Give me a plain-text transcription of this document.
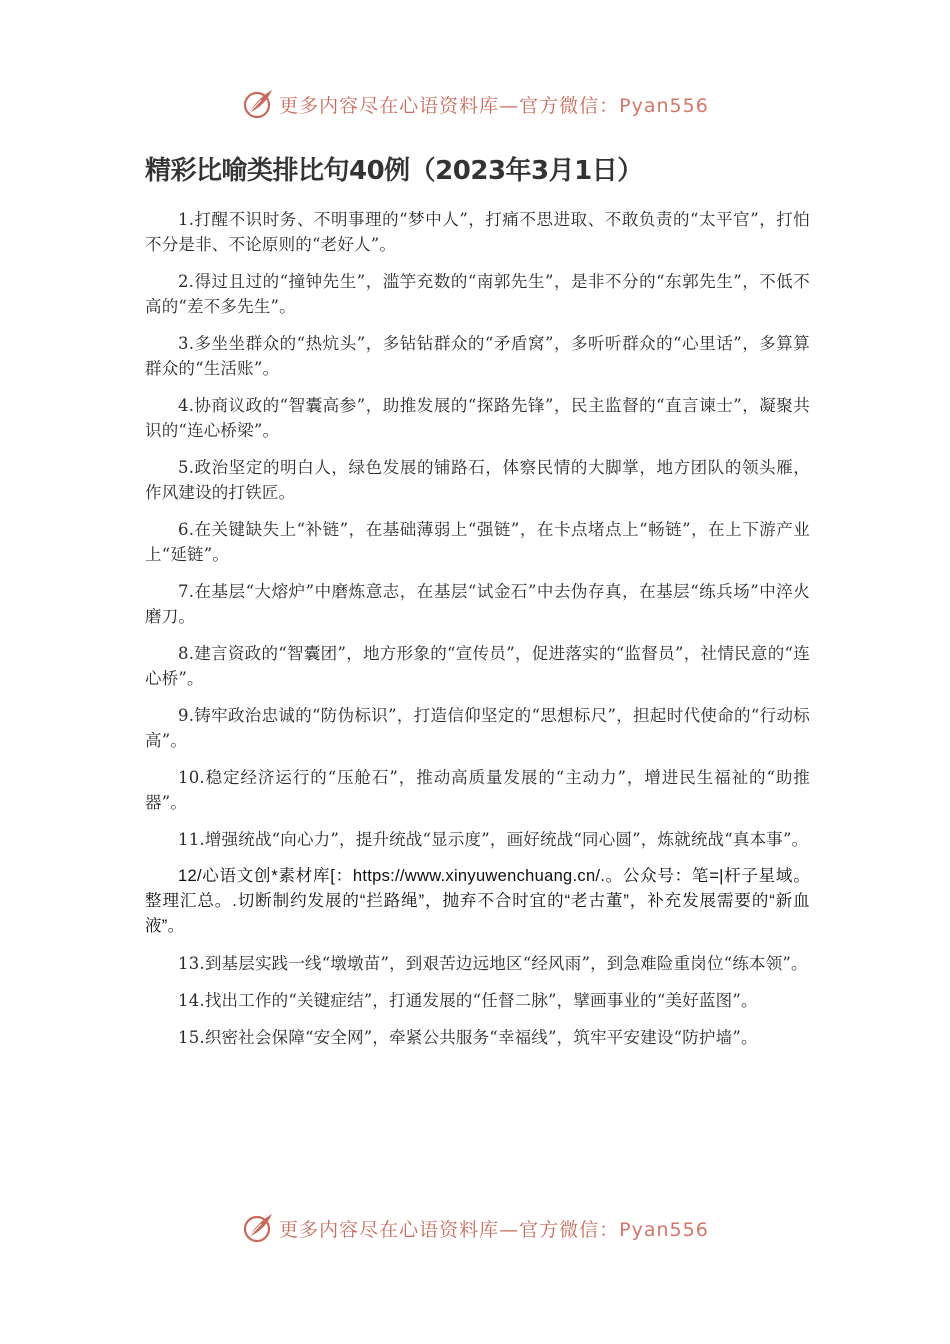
更多内容尽在心语资料库—官方微信：Pyan556
精彩比喻类排比句40例（2023年3月1日）

1.打醒不识时务、不明事理的“梦中人”，打痛不思进取、不敢负责的“太平官”，打怕不分是非、不论原则的“老好人”。

2.得过且过的“撞钟先生”，滥竽充数的“南郭先生”，是非不分的“东郭先生”，不低不高的“差不多先生”。

3.多坐坐群众的“热炕头”，多钻钻群众的“矛盾窝”，多听听群众的“心里话”，多算算群众的“生活账”。

4.协商议政的“智囊高参”，助推发展的“探路先锋”，民主监督的“直言谏士”，凝聚共识的“连心桥梁”。

5.政治坚定的明白人，绿色发展的铺路石，体察民情的大脚掌，地方团队的领头雁，作风建设的打铁匠。

6.在关键缺失上“补链”，在基础薄弱上“强链”，在卡点堵点上“畅链”，在上下游产业上“延链”。

7.在基层“大熔炉”中磨炼意志，在基层“试金石”中去伪存真，在基层“练兵场”中淬火磨刀。

8.建言资政的“智囊团”，地方形象的“宣传员”，促进落实的“监督员”，社情民意的“连心桥”。

9.铸牢政治忠诚的“防伪标识”，打造信仰坚定的“思想标尺”，担起时代使命的“行动标高”。

10.稳定经济运行的“压舱石”，推动高质量发展的“主动力”，增进民生福祉的“助推器”。

11.增强统战“向心力”，提升统战“显示度”，画好统战“同心圆”，炼就统战“真本事”。

12/心语文创*素材库[：https://www.xinyuwenchuang.cn/.。公众号：笔=|杆子星域。整理汇总。.切断制约发展的“拦路绳”，抛弃不合时宜的“老古董”，补充发展需要的“新血液”。

13.到基层实践一线“墩墩苗”，到艰苦边远地区“经风雨”，到急难险重岗位“练本领”。

14.找出工作的“关键症结”，打通发展的“任督二脉”，擘画事业的“美好蓝图”。

15.织密社会保障“安全网”，牵紧公共服务“幸福线”，筑牢平安建设“防护墙”。

更多内容尽在心语资料库—官方微信：Pyan556
